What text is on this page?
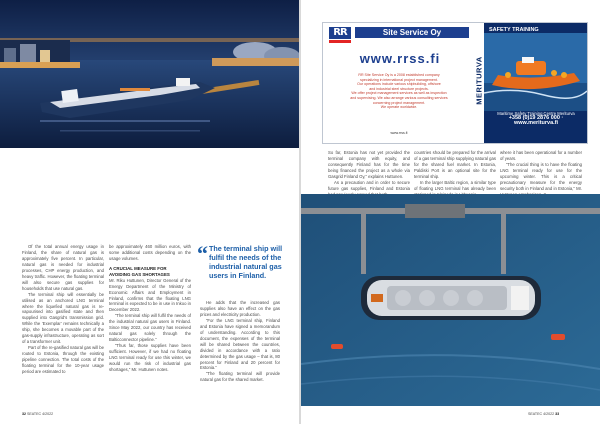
RR	Site Service Oy
www.rrss.fi
RR Site Service Oy is a 2008 established company
specializing in international project management.
Our operations include various shipbuilding, offshore
and industrial steel structure projects.
We offer project management services as well as inspection
and supervising. We also arrange various consulting services
concerning project management.
We operate worldwide.
www.rrss.fi
MERITURVA
SAFETY TRAINING
Maritime Safety Training Centre Meriturva
+358 (0)19 2876 000 · www.meriturva.fi

So far, Estonia has not yet provided the terminal company with equity, and consequently Finland has for the time being financed the project as a whole via Gasgrid Finland Oy,” explains Huttunen.

As a precaution and in order to secure future gas supplies, Finland and Estonia

countries should be prepared for the arrival of a gas terminal ship supplying natural gas for the shared fuel market. In Estonia, Paldiski Port is an optional site for the terminal ship.

In the larger Baltic region, a similar type of floating LNG terminal has already been

where it has been operational for a number of years.

“The crucial thing is to have the floating LNG terminal ready for use for the upcoming winter. This is a critical precautionary measure for the energy security both in Finland and in Estonia,” Mr.

Of the total annual energy usage in Finland, the share of natural gas is approximately five percent. In particular, natural gas is needed for industrial processes, CHP energy production, and heavy traffic. However, the floating terminal will also secure gas supplies for households that use natural gas.

The terminal ship will essentially be utilised as an anchored LNG terminal where the liquefied natural gas is re-vapourised into gasified state and then supplied into Gasgrid’s transmission grid. While the ‘Exemplar’ remains technically a ship, she becomes a movable part of the gas-supply infrastructure, operating as sort of a transformer unit.

Part of the re-gasified natural gas will be routed to Estonia, through the existing pipeline connection. The total costs of the floating terminal for the 10-year usage period are estimated to

be approximately 460 million euros, with some additional costs depending on the usage volumes.

A CRUCIAL MEASURE FOR
AVOIDING GAS SHORTAGES

Mr. Riku Huttunen, Director General of the Energy Department of the Ministry of Economic Affairs and Employment in Finland, confirms that the floating LNG terminal is expected to be in use in Inkoo in December 2022.

“The terminal ship will fulfil the needs of the industrial natural gas users in Finland. Since May 2022, our country has received natural gas solely through the Balticconnector pipeline.”

“Thus far, those supplies have been sufficient. However, if we had no floating LNG terminal ready for use this winter, we would run the risk of industrial gas shortages,” Mr. Huttunen notes.

“ The terminal ship will fulfil the needs of the industrial natural gas users in Finland.

He adds that the increased gas supplies also have an effect on the gas prices and electricity production.

“For the LNG terminal ship, Finland and Estonia have signed a memorandum of understanding. According to this document, the expenses of the terminal will be shared between the countries, divided in accordance with a ratio determined by the gas usage – that is, 80 percent for Finland and 20 percent for Estonia.”

“The floating terminal will provide natural gas for the shared market.

32 SEATEC 4/2022	SEATEC 4/2022 33
